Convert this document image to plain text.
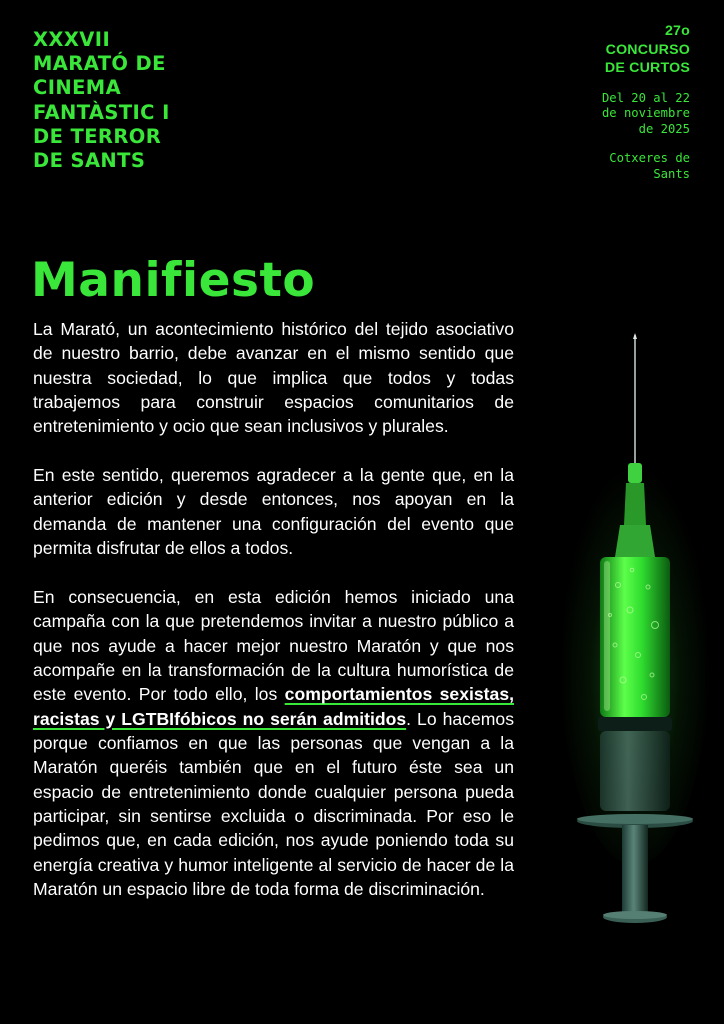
XXXVII
MARATÓ DE
CINEMA
FANTÀSTIC I
DE TERROR
DE SANTS
27o
CONCURSO
DE CURTOS
Del 20 al 22
de noviembre
de 2025
Cotxeres de
Sants
Manifiesto

La Marató, un acontecimiento histórico del tejido asociativo de nuestro barrio, debe avanzar en el mismo sentido que nuestra sociedad, lo que implica que todos y todas trabajemos para construir espacios comunitarios de entretenimiento y ocio que sean inclusivos y plurales.

En este sentido, queremos agradecer a la gente que, en la anterior edición y desde entonces, nos apoyan en la demanda de mantener una configuración del evento que permita disfrutar de ellos a todos.

En consecuencia, en esta edición hemos iniciado una campaña con la que pretendemos invitar a nuestro público a que nos ayude a hacer mejor nuestro Maratón y que nos acompañe en la transformación de la cultura humorística de este evento. Por todo ello, los comportamientos sexistas, racistas y LGTBIfóbicos no serán admitidos. Lo hacemos porque confiamos en que las personas que vengan a la Maratón queréis también que en el futuro éste sea un espacio de entretenimiento donde cualquier persona pueda participar, sin sentirse excluida o discriminada. Por eso le pedimos que, en cada edición, nos ayude poniendo toda su energía creativa y humor inteligente al servicio de hacer de la Maratón un espacio libre de toda forma de discriminación.
